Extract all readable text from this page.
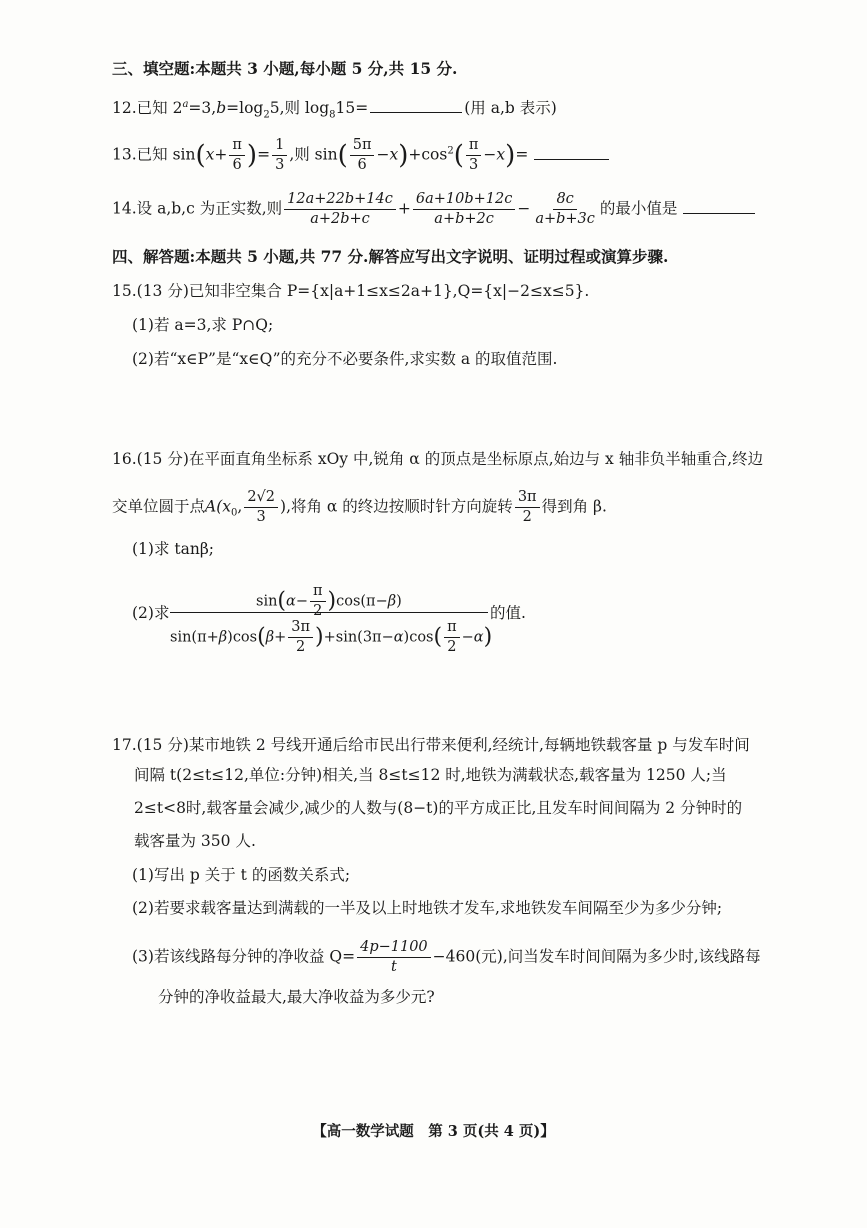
三、填空题:本题共 3 小题,每小题 5 分,共 15 分.
12.已知 $2^a=3,b=\log_25$,则 $\log_815=$	(用 a,b 表示)
13.已知 $\sin(x+ \frac{\pi}{6}$ )= $\frac{1}{3}$ ,则 $\sin( \frac{5\pi}{6} -x)+\cos^2( \frac{\pi}{3} -x)=$
14.设 a,b,c 为正实数,则 $\frac{12a+22b+14c}{a+2b+c} + \frac{6a+10b+12c}{a+b+2c} - \frac{8c}{a+b+3c}$ 的最小值是
四、解答题:本题共 5 小题,共 77 分.解答应写出文字说明、证明过程或演算步骤.
15.(13 分)已知非空集合 P={x|a+1≤x≤2a+1},Q={x|−2≤x≤5}.
(1)若 a=3,求 P∩Q;
(2)若“x∈P”是“x∈Q”的充分不必要条件,求实数 a 的取值范围.
16.(15 分)在平面直角坐标系 xOy 中,锐角 α 的顶点是坐标原点,始边与 x 轴非负半轴重合,终边
交单位圆于点$A(x_0$, $\frac{2√2}{3}$ ),将角 α 的终边按顺时针方向旋转 $\frac{3\pi}{2}$ 得到角 β.
(1)求 tanβ;
(2)求
$\sin(\alpha- \frac{\pi}{2} )\cos(\pi-\beta)$
$\sin(\pi+\beta)\cos(\beta+ \frac{3\pi}{2} )+\sin(3\pi-\alpha)\cos( \frac{\pi}{2} -\alpha)$
的值.
17.(15 分)某市地铁 2 号线开通后给市民出行带来便利,经统计,每辆地铁载客量 p 与发车时间
间隔 t(2≤t≤12,单位:分钟)相关,当 8≤t≤12 时,地铁为满载状态,载客量为 1250 人;当
2≤t<8时,载客量会减少,减少的人数与(8−t)的平方成正比,且发车时间间隔为 2 分钟时的
载客量为 350 人.
(1)写出 p 关于 t 的函数关系式;
(2)若要求载客量达到满载的一半及以上时地铁才发车,求地铁发车间隔至少为多少分钟;
(3)若该线路每分钟的净收益 $Q= \frac{4p-1100}{t} -460$(元),问当发车时间间隔为多少时,该线路每
分钟的净收益最大,最大净收益为多少元?
【高一数学试题　第 3 页(共 4 页)】
